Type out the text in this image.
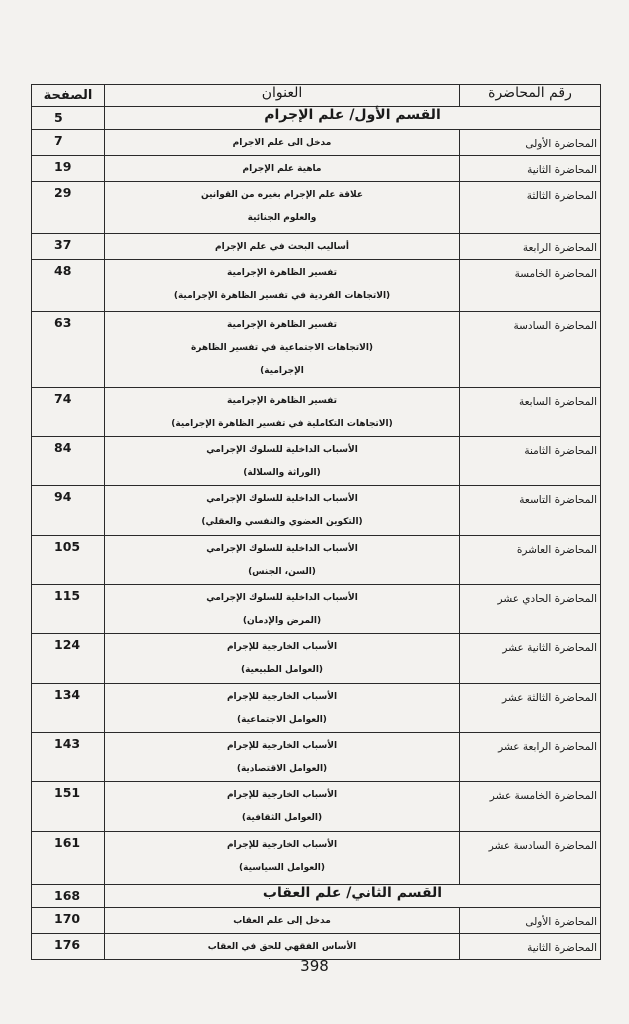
الصفحة	العنوان	رقم المحاضرة
5	القسم الأول/ علم الإجرام	
7	مدخل الى علم الاجرام	المحاضرة الأولى
19	ماهية علم الإجرام	المحاضرة الثانية
29	علاقة علم الإجرام بغيره من القوانين
والعلوم الجنائية	المحاضرة الثالثة
37	أساليب البحث في علم الإجرام	المحاضرة الرابعة
48	تفسير الظاهرة الإجرامية
(الاتجاهات الفردية في تفسير الظاهرة الإجرامية)	المحاضرة الخامسة
63	تفسير الظاهرة الإجرامية
(الاتجاهات الاجتماعية في تفسير الظاهرة
الإجرامية)	المحاضرة السادسة
74	تفسير الظاهرة الإجرامية
(الاتجاهات التكاملية في تفسير الظاهرة الإجرامية)	المحاضرة السابعة
84	الأسباب الداخلية للسلوك الإجرامي
(الوراثة والسلالة)	المحاضرة الثامنة
94	الأسباب الداخلية للسلوك الإجرامي
(التكوين العضوي والنفسي والعقلي)	المحاضرة التاسعة
105	الأسباب الداخلية للسلوك الإجرامي
(السن، الجنس)	المحاضرة العاشرة
115	الأسباب الداخلية للسلوك الإجرامي
(المرض والإدمان)	المحاضرة الحادي عشر
124	الأسباب الخارجية للإجرام
(العوامل الطبيعية)	المحاضرة الثانية عشر
134	الأسباب الخارجية للإجرام
(العوامل الاجتماعية)	المحاضرة الثالثة عشر
143	الأسباب الخارجية للإجرام
(العوامل الاقتصادية)	المحاضرة الرابعة عشر
151	الأسباب الخارجية للإجرام
(العوامل الثقافية)	المحاضرة الخامسة عشر
161	الأسباب الخارجية للإجرام
(العوامل السياسية)	المحاضرة السادسة عشر
168	القسم الثاني/ علم العقاب	
170	مدخل إلى علم العقاب	المحاضرة الأولى
176	الأساس الفقهي للحق في العقاب	المحاضرة الثانية
398
